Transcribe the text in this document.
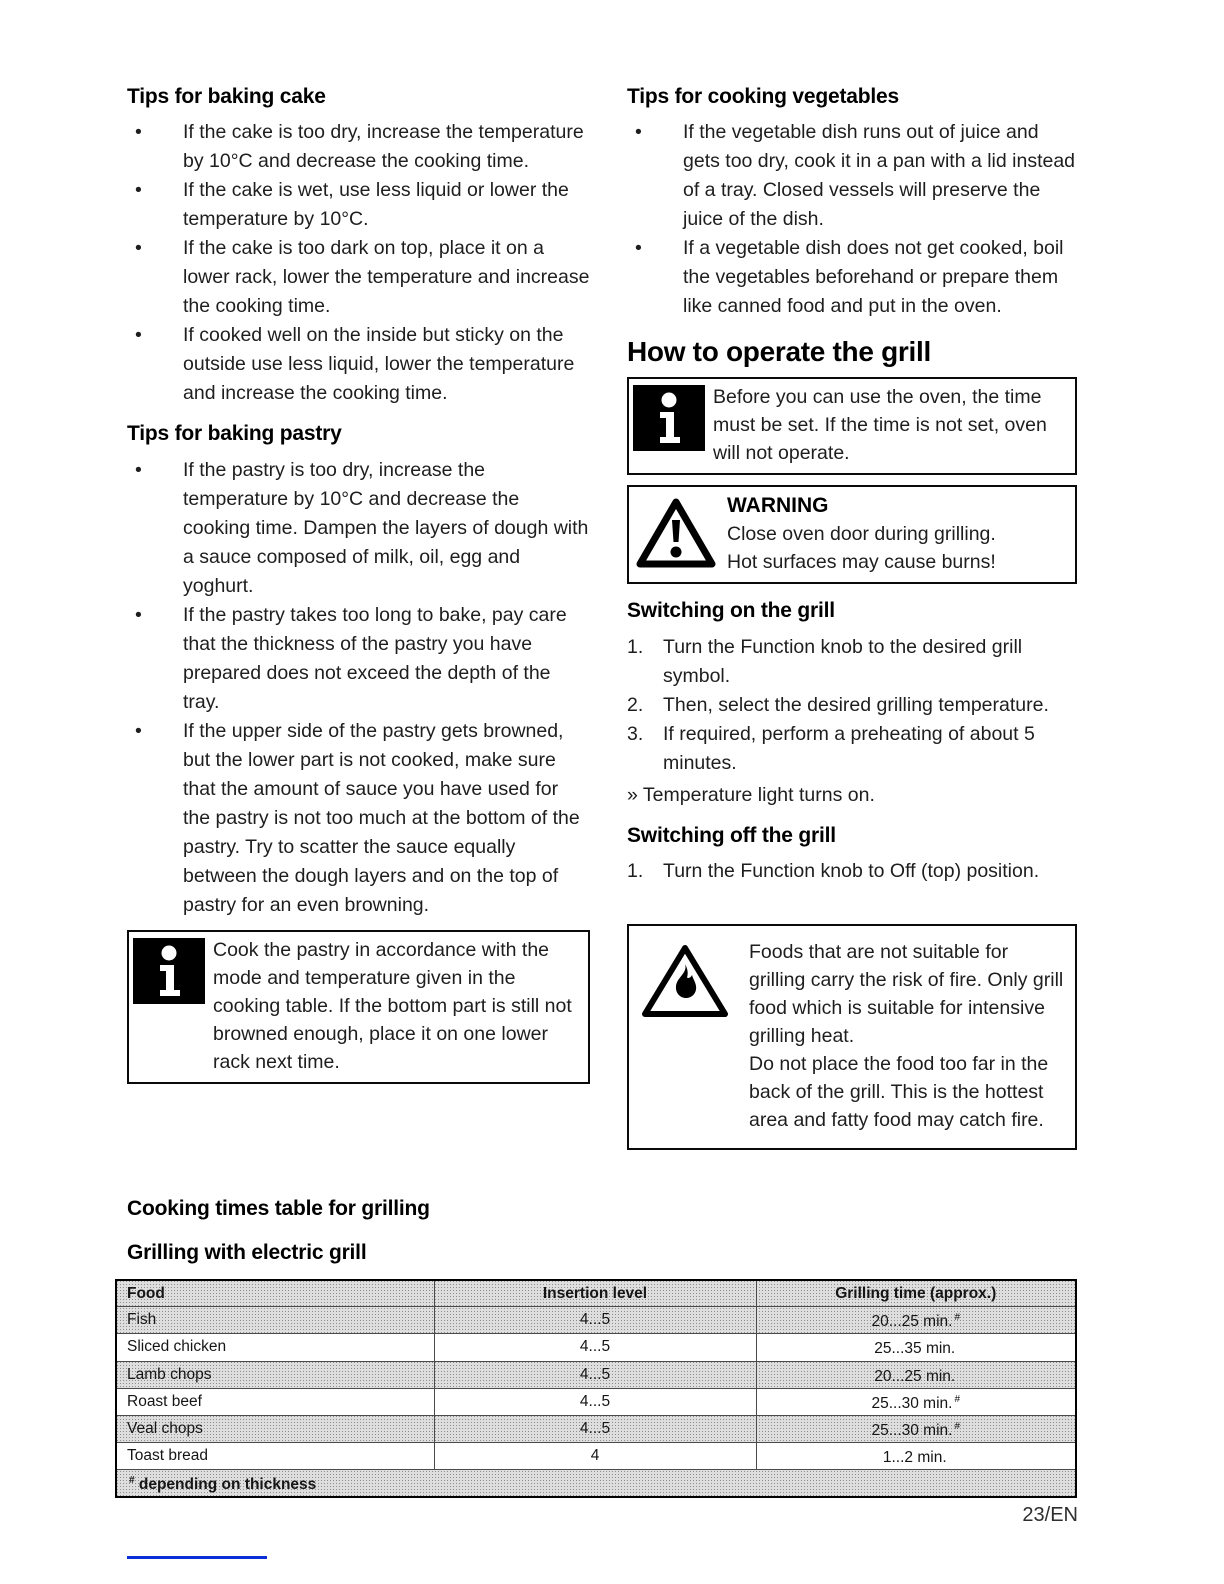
Tips for baking cake
•
If the cake is too dry, increase the temperature by 10°C and decrease the cooking time.
•
If the cake is wet, use less liquid or lower the temperature by 10°C.
•
If the cake is too dark on top, place it on a lower rack, lower the temperature and increase the cooking time.
•
If cooked well on the inside but sticky on the outside use less liquid, lower the temperature and increase the cooking time.
Tips for baking pastry
•
If the pastry is too dry, increase the temperature by 10°C and decrease the cooking time. Dampen the layers of dough with a sauce composed of milk, oil, egg and yoghurt.
•
If the pastry takes too long to bake, pay care that the thickness of the pastry you have prepared does not exceed the depth of the tray.
•
If the upper side of the pastry gets browned, but the lower part is not cooked, make sure that the amount of sauce you have used for the pastry is not too much at the bottom of the pastry. Try to scatter the sauce equally between the dough layers and on the top of pastry for an even browning.

Cook the pastry in accordance with the mode and temperature given in the cooking table. If the bottom part is still not browned enough, place it on one lower rack next time.

Tips for cooking vegetables
•
If the vegetable dish runs out of juice and gets too dry, cook it in a pan with a lid instead of a tray. Closed vessels will preserve the juice of the dish.
•
If a vegetable dish does not get cooked, boil the vegetables beforehand or prepare them like canned food and put in the oven.
How to operate the grill

Before you can use the oven, the time must be set. If the time is not set, oven will not operate.

WARNING

Close oven door during grilling.

Hot surfaces may cause burns!

Switching on the grill
1.	Turn the Function knob to the desired grill symbol.
2.	Then, select the desired grilling temperature.
3.	If required, perform a preheating of about 5 minutes.

» Temperature light turns on.

Switching off the grill
1.	Turn the Function knob to Off (top) position.

Foods that are not suitable for grilling carry the risk of fire. Only grill food which is suitable for intensive grilling heat.

Do not place the food too far in the back of the grill. This is the hottest area and fatty food may catch fire.

Cooking times table for grilling
Grilling with electric grill
Food	Insertion level	Grilling time (approx.)
Fish	4...5	20...25 min. #
Sliced chicken	4...5	25...35 min.
Lamb chops	4...5	20...25 min.
Roast beef	4...5	25...30 min. #
Veal chops	4...5	25...30 min. #
Toast bread	4	1...2 min.
# depending on thickness		
23/EN
